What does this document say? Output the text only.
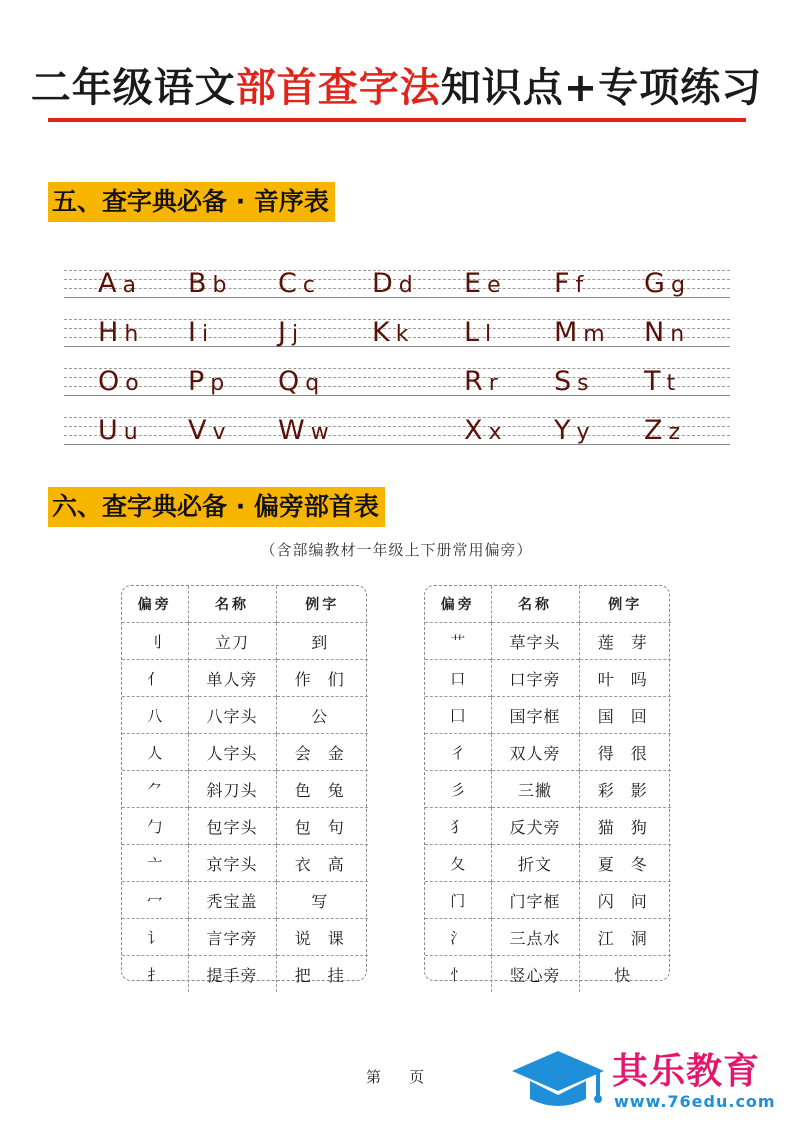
二年级语文部首查字法知识点+专项练习
五、查字典必备 · 音序表
A a B b C c D d E e F f G g
H h I i	J j	K k L l M m N n
O o P p Q q	R r S s T t
U u V v W w	X x Y y Z z
六、查字典必备 · 偏旁部首表
（含部编教材一年级上下册常用偏旁）
偏旁	名称	例字
刂	立刀	到
亻	单人旁	作 们
八	八字头	公
人	人字头	会 金
⺈	斜刀头	色 兔
勹	包字头	包 句
亠	京字头	衣 高
冖	秃宝盖	写
讠	言字旁	说 课
扌	提手旁	把 挂
偏旁	名称	例字
艹	草字头	莲 芽
口	口字旁	叶 吗
囗	国字框	国 回
彳	双人旁	得 很
彡	三撇	彩 影
犭	反犬旁	猫 狗
夂	折文	夏 冬
门	门字框	闪 问
氵	三点水	江 洞
忄	竖心旁	快
第 页	其乐教育
www.76edu.com
